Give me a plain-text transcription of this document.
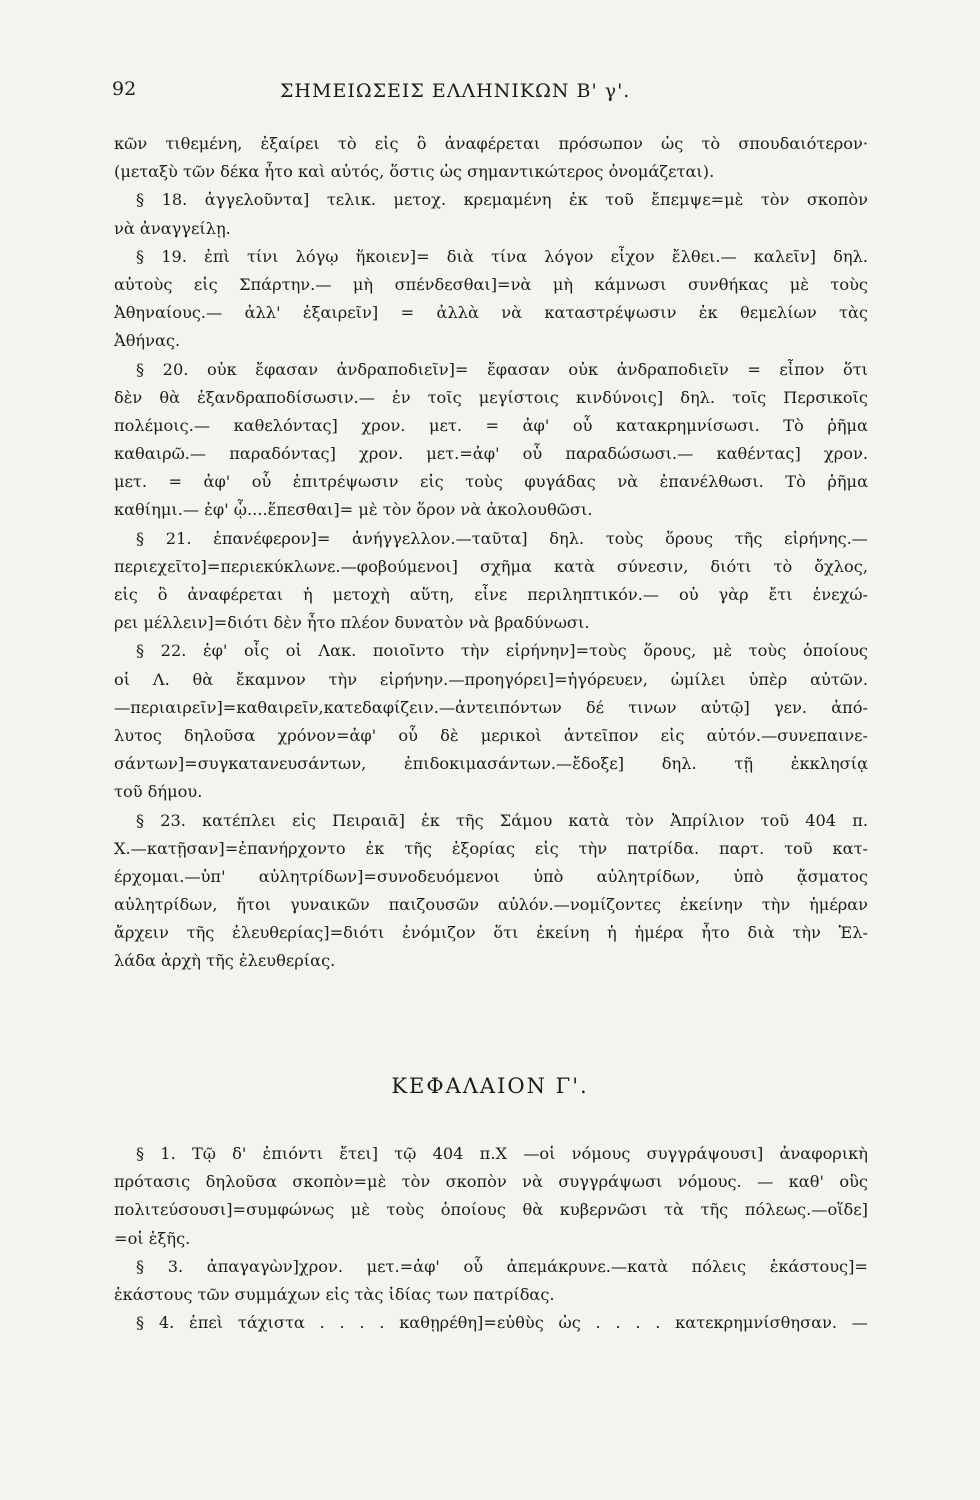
92	ΣΗΜΕΙΩΣΕΙΣ ΕΛΛΗΝΙΚΩΝ Β' γ'.
κῶν τιθεμένη, ἐξαίρει τὸ εἰς ὃ ἀναφέρεται πρόσωπον ὡς τὸ σπουδαιότερον·
(μεταξὺ τῶν δέκα ἦτο καὶ αὐτός, ὅστις ὡς σημαντικώτερος ὀνομάζεται).
§ 18. ἀγγελοῦντα] τελικ. μετοχ. κρεμαμένη ἐκ τοῦ ἔπεμψε=μὲ τὸν σκοπὸν
νὰ ἀναγγείλῃ.
§ 19. ἐπὶ τίνι λόγῳ ἥκοιεν]= διὰ τίνα λόγον εἶχον ἔλθει.— καλεῖν] δηλ.
αὐτοὺς εἰς Σπάρτην.— μὴ σπένδεσθαι]=νὰ μὴ κάμνωσι συνθήκας μὲ τοὺς
Ἀθηναίους.— ἀλλ' ἐξαιρεῖν] = ἀλλὰ νὰ καταστρέψωσιν ἐκ θεμελίων τὰς
Ἀθήνας.
§ 20. οὐκ ἔφασαν ἀνδραποδιεῖν]= ἔφασαν οὐκ ἀνδραποδιεῖν = εἶπον ὅτι
δὲν θὰ ἐξανδραποδίσωσιν.— ἐν τοῖς μεγίστοις κινδύνοις] δηλ. τοῖς Περσικοῖς
πολέμοις.— καθελόντας] χρον. μετ. = ἀφ' οὗ κατακρημνίσωσι. Τὸ ῥῆμα
καθαιρῶ.— παραδόντας] χρον. μετ.=ἀφ' οὗ παραδώσωσι.— καθέντας] χρον.
μετ. = ἀφ' οὗ ἐπιτρέψωσιν εἰς τοὺς φυγάδας νὰ ἐπανέλθωσι. Τὸ ῥῆμα
καθίημι.— ἐφ' ᾧ....ἕπεσθαι]= μὲ τὸν ὅρον νὰ ἀκολουθῶσι.
§ 21. ἐπανέφερον]= ἀνήγγελλον.—ταῦτα] δηλ. τοὺς ὅρους τῆς εἰρήνης.—
περιεχεῖτο]=περιεκύκλωνε.—φοβούμενοι] σχῆμα κατὰ σύνεσιν, διότι τὸ ὄχλος,
εἰς ὃ ἀναφέρεται ἡ μετοχὴ αὕτη, εἶνε περιληπτικόν.— οὐ γὰρ ἔτι ἐνεχώ-
ρει μέλλειν]=διότι δὲν ἦτο πλέον δυνατὸν νὰ βραδύνωσι.
§ 22. ἐφ' οἷς οἱ Λακ. ποιοῖντο τὴν εἰρήνην]=τοὺς ὅρους, μὲ τοὺς ὁποίους
οἱ Λ. θὰ ἔκαμνον τὴν εἰρήνην.—προηγόρει]=ἠγόρευεν, ὡμίλει ὑπὲρ αὐτῶν.
—περιαιρεῖν]=καθαιρεῖν,κατεδαφίζειν.—ἀντειπόντων δέ τινων αὐτῷ] γεν. ἀπό-
λυτος δηλοῦσα χρόνον=ἀφ' οὗ δὲ μερικοὶ ἀντεῖπον εἰς αὐτόν.—συνεπαινε-
σάντων]=συγκατανευσάντων, ἐπιδοκιμασάντων.—ἔδοξε] δηλ. τῇ ἐκκλησίᾳ
τοῦ δήμου.
§ 23. κατέπλει εἰς Πειραιᾶ] ἐκ τῆς Σάμου κατὰ τὸν Ἀπρίλιον τοῦ 404 π.
Χ.—κατῇσαν]=ἐπανήρχοντο ἐκ τῆς ἐξορίας εἰς τὴν πατρίδα. παρτ. τοῦ κατ-
έρχομαι.—ὑπ' αὐλητρίδων]=συνοδευόμενοι ὑπὸ αὐλητρίδων, ὑπὸ ᾄσματος
αὐλητρίδων, ἤτοι γυναικῶν παιζουσῶν αὐλόν.—νομίζοντες ἐκείνην τὴν ἡμέραν
ἄρχειν τῆς ἐλευθερίας]=διότι ἐνόμιζον ὅτι ἐκείνη ἡ ἡμέρα ἦτο διὰ τὴν Ἑλ-
λάδα ἀρχὴ τῆς ἐλευθερίας.
ΚΕΦΑΛΑΙΟΝ Γ'.
§ 1. Τῷ δ' ἐπιόντι ἔτει] τῷ 404 π.Χ —οἱ νόμους συγγράψουσι] ἀναφορικὴ
πρότασις δηλοῦσα σκοπὸν=μὲ τὸν σκοπὸν νὰ συγγράψωσι νόμους. — καθ' οὓς
πολιτεύσουσι]=συμφώνως μὲ τοὺς ὁποίους θὰ κυβερνῶσι τὰ τῆς πόλεως.—οἵδε]
=οἱ ἑξῆς.
§ 3. ἀπαγαγὼν]χρον. μετ.=ἀφ' οὗ ἀπεμάκρυνε.—κατὰ πόλεις ἑκάστους]=
ἑκάστους τῶν συμμάχων εἰς τὰς ἰδίας των πατρίδας.
§ 4. ἐπεὶ τάχιστα . . . . καθῃρέθη]=εὐθὺς ὡς . . . . κατεκρημνίσθησαν. —
